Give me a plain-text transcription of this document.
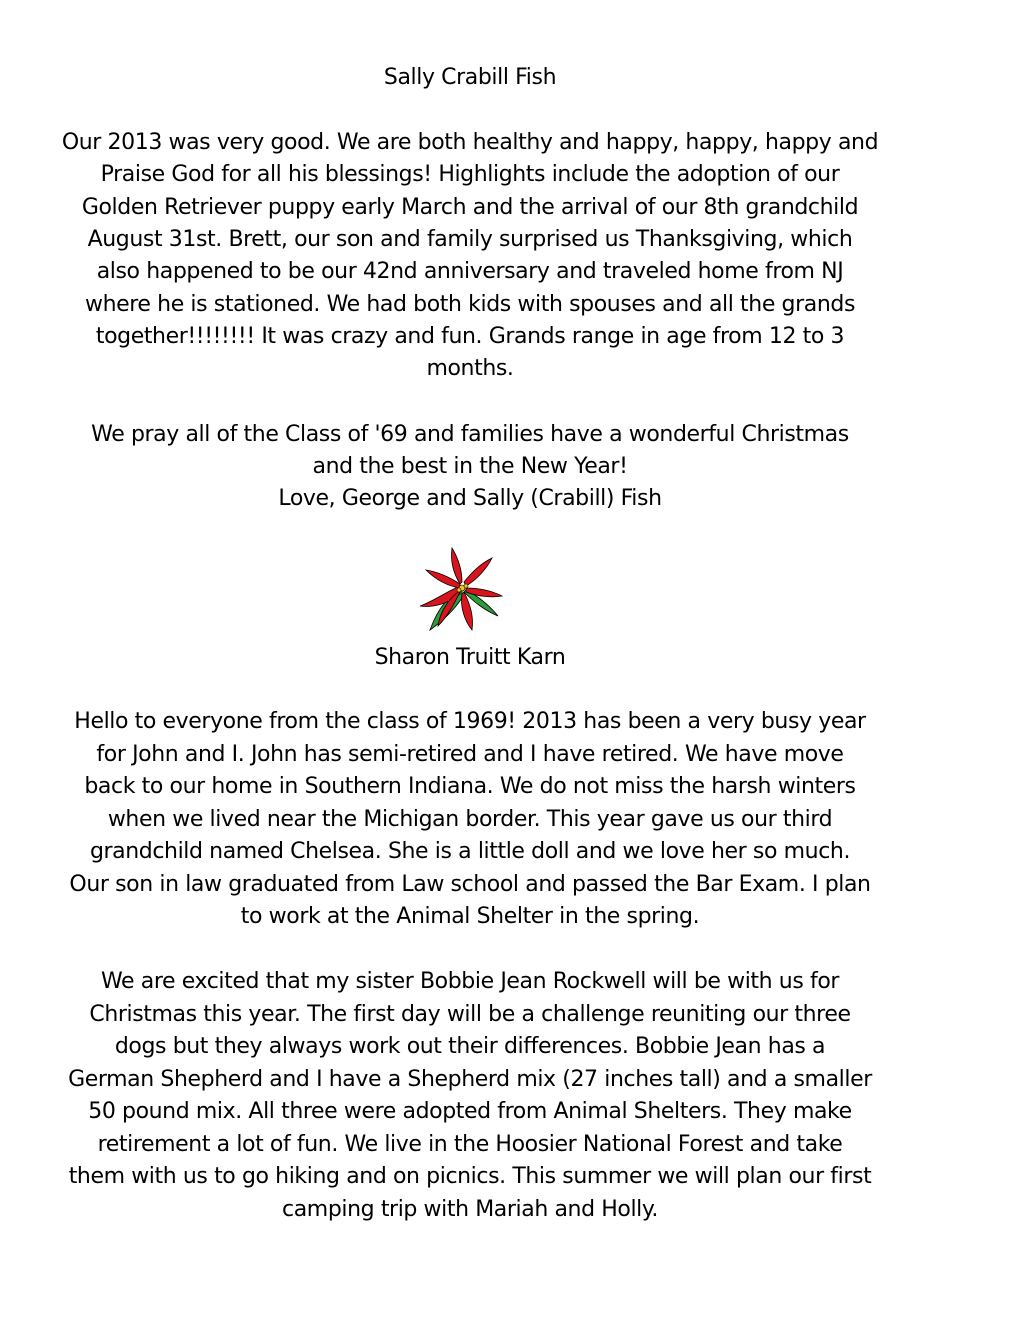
Sally Crabill Fish
Our 2013 was very good. We are both healthy and happy, happy, happy and
Praise God for all his blessings! Highlights include the adoption of our
Golden Retriever puppy early March and the arrival of our 8th grandchild
August 31st. Brett, our son and family surprised us Thanksgiving, which
also happened to be our 42nd anniversary and traveled home from NJ
where he is stationed. We had both kids with spouses and all the grands
together!!!!!!!! It was crazy and fun. Grands range in age from 12 to 3
months.
We pray all of the Class of '69 and families have a wonderful Christmas
and the best in the New Year!
Love, George and Sally (Crabill) Fish
Sharon Truitt Karn
Hello to everyone from the class of 1969! 2013 has been a very busy year
for John and I. John has semi-retired and I have retired. We have move
back to our home in Southern Indiana. We do not miss the harsh winters
when we lived near the Michigan border. This year gave us our third
grandchild named Chelsea. She is a little doll and we love her so much.
Our son in law graduated from Law school and passed the Bar Exam. I plan
to work at the Animal Shelter in the spring.
We are excited that my sister Bobbie Jean Rockwell will be with us for
Christmas this year. The first day will be a challenge reuniting our three
dogs but they always work out their differences. Bobbie Jean has a
German Shepherd and I have a Shepherd mix (27 inches tall) and a smaller
50 pound mix. All three were adopted from Animal Shelters. They make
retirement a lot of fun. We live in the Hoosier National Forest and take
them with us to go hiking and on picnics. This summer we will plan our first
camping trip with Mariah and Holly.
